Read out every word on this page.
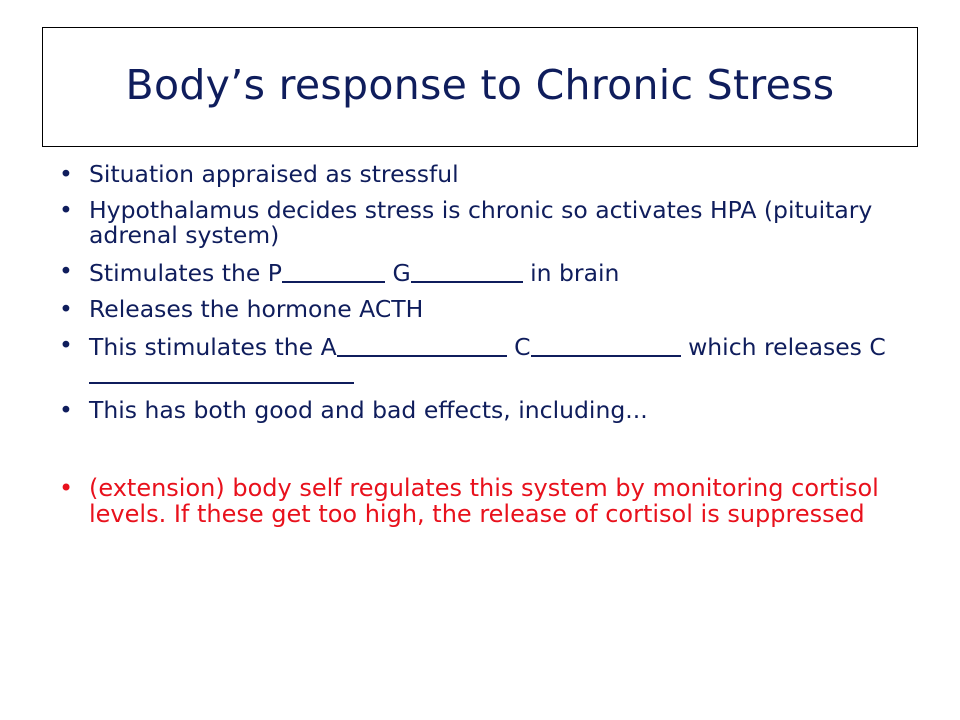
Body’s response to Chronic Stress
• Situation appraised as stressful
• Hypothalamus decides stress is chronic so activates HPA (pituitary adrenal system)
• Stimulates the P	G	in brain
• Releases the hormone ACTH
• This stimulates the A	C	which releases C
• This has both good and bad effects, including...
• (extension) body self regulates this system by monitoring cortisol levels. If these get too high, the release of cortisol is suppressed
